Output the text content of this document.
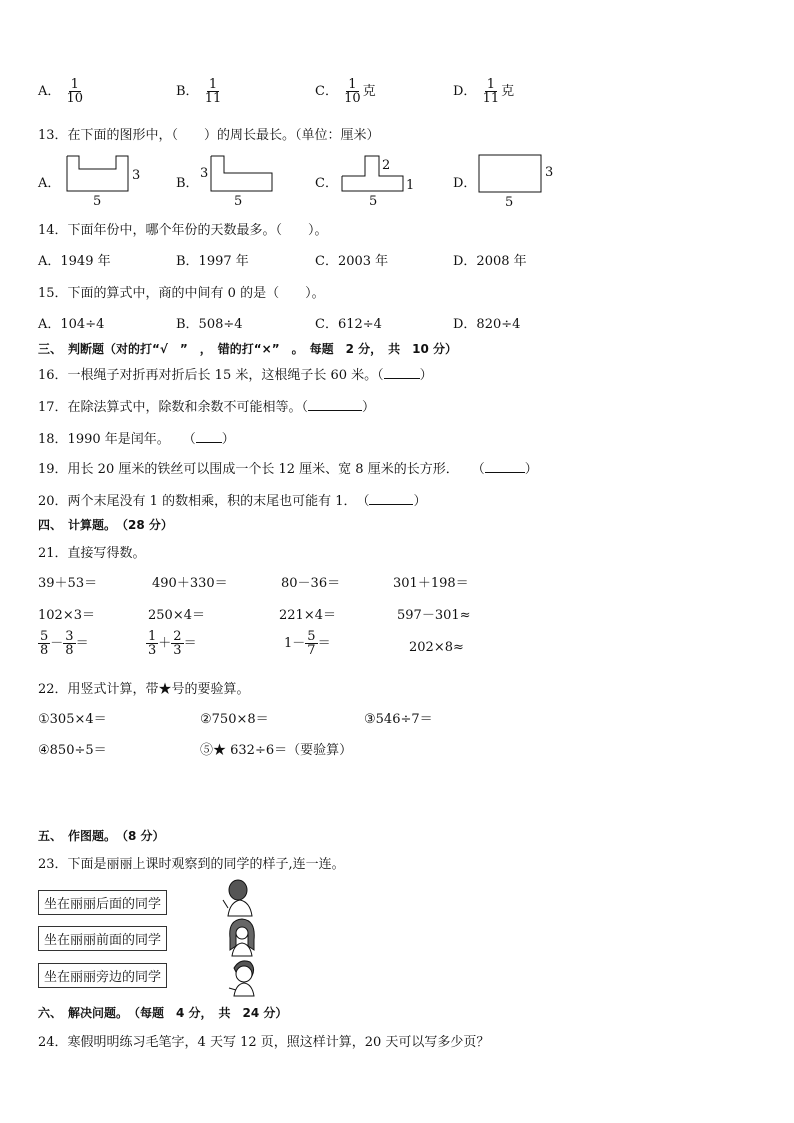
A． $\frac{1}{10}$	B． $\frac{1}{11}$	C． $\frac{1}{10}$ 克	D． $\frac{1}{11}$ 克
13．在下面的图形中，（　　）的周长最长。（单位：厘米）
A．
3
5
B．
3
5
C．
2
1
5
D．
3
5
14．下面年份中，哪个年份的天数最多。（　　）。
A．1949 年	B．1997 年	C．2003 年	D．2008 年
15．下面的算式中，商的中间有 0 的是（　　）。
A．104÷4	B．508÷4	C．612÷4	D．820÷4
三、　判断题（对的打“√　”　，　错的打“×”　。　每题　2 分，　共　10 分）
16．一根绳子对折再对折后长 15 米，这根绳子长 60 米。（	）
17．在除法算式中，除数和余数不可能相等。（	）
18．1990 年是闰年。　　（ ）
19．用长 20 厘米的铁丝可以围成一个长 12 厘米、宽 8 厘米的长方形．　　（	）
20．两个末尾没有 1 的数相乘，积的末尾也可能有 1．　（	）
四、　计算题。　（28 分）
21．直接写得数。
39＋53＝	490＋330＝	80－36＝	301＋198＝
102×3＝	250×4＝	221×4＝	597－301≈
$\frac{5}{8} - \frac{3}{8}$ ＝	$\frac{1}{3} + \frac{2}{3}$ ＝	$1- \frac{5}{7}$ ＝	202×8≈
22．用竖式计算，带★号的要验算。
①305×4＝	②750×8＝	③546÷7＝
④850÷5＝	⑤★ 632÷6＝（要验算）
五、　作图题。　（8 分）
23．下面是丽丽上课时观察到的同学的样子,连一连。
坐在丽丽后面的同学
坐在丽丽前面的同学
坐在丽丽旁边的同学
六、　解决问题。　（每题　4 分，　共　24 分）
24．寒假明明练习毛笔字，4 天写 12 页，照这样计算，20 天可以写多少页？
